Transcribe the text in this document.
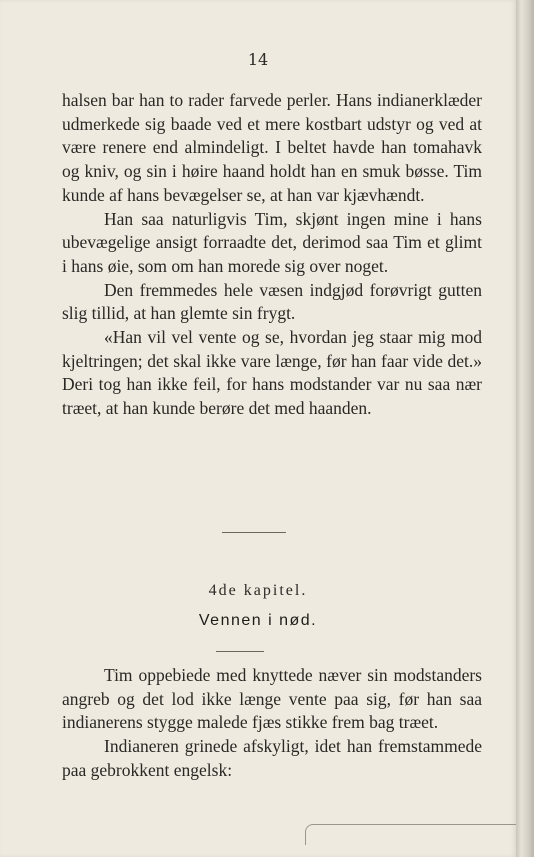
14

halsen bar han to rader farvede perler. Hans indianerklæder udmerkede sig baade ved et mere kostbart udstyr og ved at være renere end almindeligt. I beltet havde han tomahavk og kniv, og sin i høire haand holdt han en smuk bøsse. Tim kunde af hans bevægelser se, at han var kjævhændt.

Han saa naturligvis Tim, skjønt ingen mine i hans ubevægelige ansigt forraadte det, derimod saa Tim et glimt i hans øie, som om han morede sig over noget.

Den fremmedes hele væsen indgjød forøvrigt gutten slig tillid, at han glemte sin frygt.

«Han vil vel vente og se, hvordan jeg staar mig mod kjeltringen; det skal ikke vare længe, før han faar vide det.» Deri tog han ikke feil, for hans modstander var nu saa nær træet, at han kunde berøre det med haanden.

4de kapitel.
Vennen i nød.

Tim oppebiede med knyttede næver sin modstanders angreb og det lod ikke længe vente paa sig, før han saa indianerens stygge malede fjæs stikke frem bag træet.

Indianeren grinede afskyligt, idet han fremstammede paa gebrokkent engelsk:
